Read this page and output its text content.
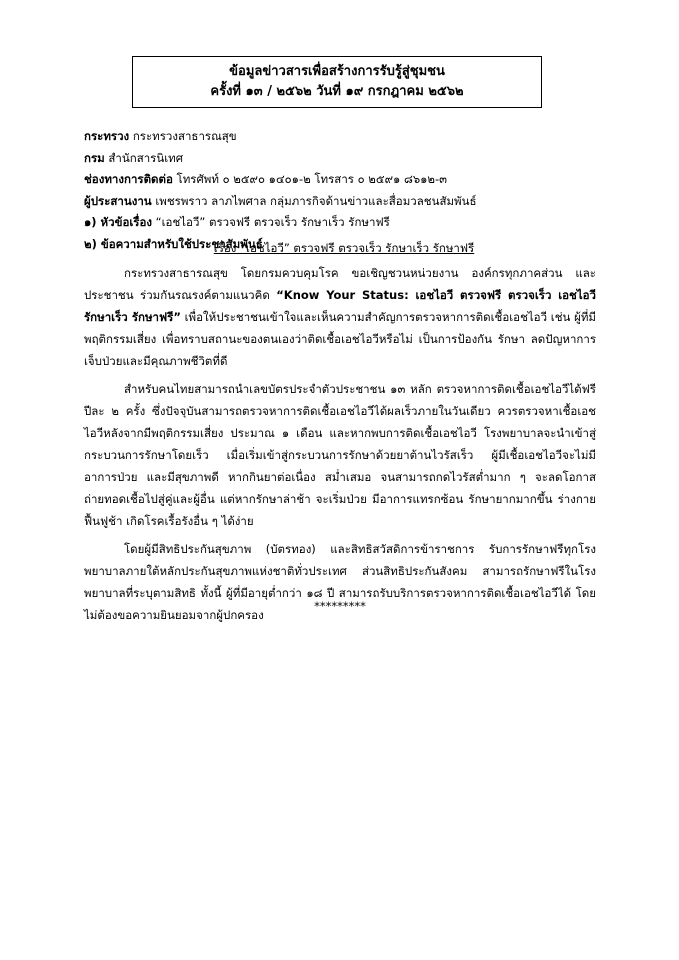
ข้อมูลข่าวสารเพื่อสร้างการรับรู้สู่ชุมชน
ครั้งที่ ๑๓ / ๒๕๖๒ วันที่ ๑๙ กรกฎาคม ๒๕๖๒
กระทรวง กระทรวงสาธารณสุข
กรม สำนักสารนิเทศ
ช่องทางการติดต่อ โทรศัพท์ ๐ ๒๕๙๐ ๑๔๐๑-๒ โทรสาร ๐ ๒๕๙๑ ๘๖๑๒-๓
ผู้ประสานงาน เพชรพราว ลาภไพศาล กลุ่มภารกิจด้านข่าวและสื่อมวลชนสัมพันธ์
๑) หัวข้อเรื่อง “เอชไอวี” ตรวจฟรี ตรวจเร็ว รักษาเร็ว รักษาฟรี
๒) ข้อความสำหรับใช้ประชาสัมพันธ์
เรื่อง “เอชไอวี” ตรวจฟรี ตรวจเร็ว รักษาเร็ว รักษาฟรี

กระทรวงสาธารณสุข โดยกรมควบคุมโรค ขอเชิญชวนหน่วยงาน องค์กรทุกภาคส่วน และประชาชน ร่วมกันรณรงค์ตามแนวคิด “Know Your Status: เอชไอวี ตรวจฟรี ตรวจเร็ว เอชไอวี รักษาเร็ว รักษาฟรี” เพื่อให้ประชาชนเข้าใจและเห็นความสำคัญการตรวจหาการติดเชื้อเอชไอวี เช่น ผู้ที่มีพฤติกรรมเสี่ยง เพื่อทราบสถานะของตนเองว่าติดเชื้อเอชไอวีหรือไม่ เป็นการป้องกัน รักษา ลดปัญหาการเจ็บป่วยและมีคุณภาพชีวิตที่ดี

สำหรับคนไทยสามารถนำเลขบัตรประจำตัวประชาชน ๑๓ หลัก ตรวจหาการติดเชื้อเอชไอวีได้ฟรี ปีละ ๒ ครั้ง ซึ่งปัจจุบันสามารถตรวจหาการติดเชื้อเอชไอวีได้ผลเร็วภายในวันเดียว ควรตรวจหาเชื้อเอชไอวีหลังจากมีพฤติกรรมเสี่ยง ประมาณ ๑ เดือน และหากพบการติดเชื้อเอชไอวี โรงพยาบาลจะนำเข้าสู่กระบวนการรักษาโดยเร็ว เมื่อเริ่มเข้าสู่กระบวนการรักษาด้วยยาต้านไวรัสเร็ว ผู้มีเชื้อเอชไอวีจะไม่มีอาการป่วย และมีสุขภาพดี หากกินยาต่อเนื่อง สม่ำเสมอ จนสามารถกดไวรัสต่ำมาก ๆ จะลดโอกาสถ่ายทอดเชื้อไปสู่คู่และผู้อื่น แต่หากรักษาล่าช้า จะเริ่มป่วย มีอาการแทรกซ้อน รักษายากมากขึ้น ร่างกายฟื้นฟูช้า เกิดโรคเรื้อรังอื่น ๆ ได้ง่าย

โดยผู้มีสิทธิประกันสุขภาพ (บัตรทอง) และสิทธิสวัสดิการข้าราชการ รับการรักษาฟรีทุกโรงพยาบาลภายใต้หลักประกันสุขภาพแห่งชาติทั่วประเทศ ส่วนสิทธิประกันสังคม สามารถรักษาฟรีในโรงพยาบาลที่ระบุตามสิทธิ ทั้งนี้ ผู้ที่มีอายุต่ำกว่า ๑๘ ปี สามารถรับบริการตรวจหาการติดเชื้อเอชไอวีได้ โดยไม่ต้องขอความยินยอมจากผู้ปกครอง

*********
